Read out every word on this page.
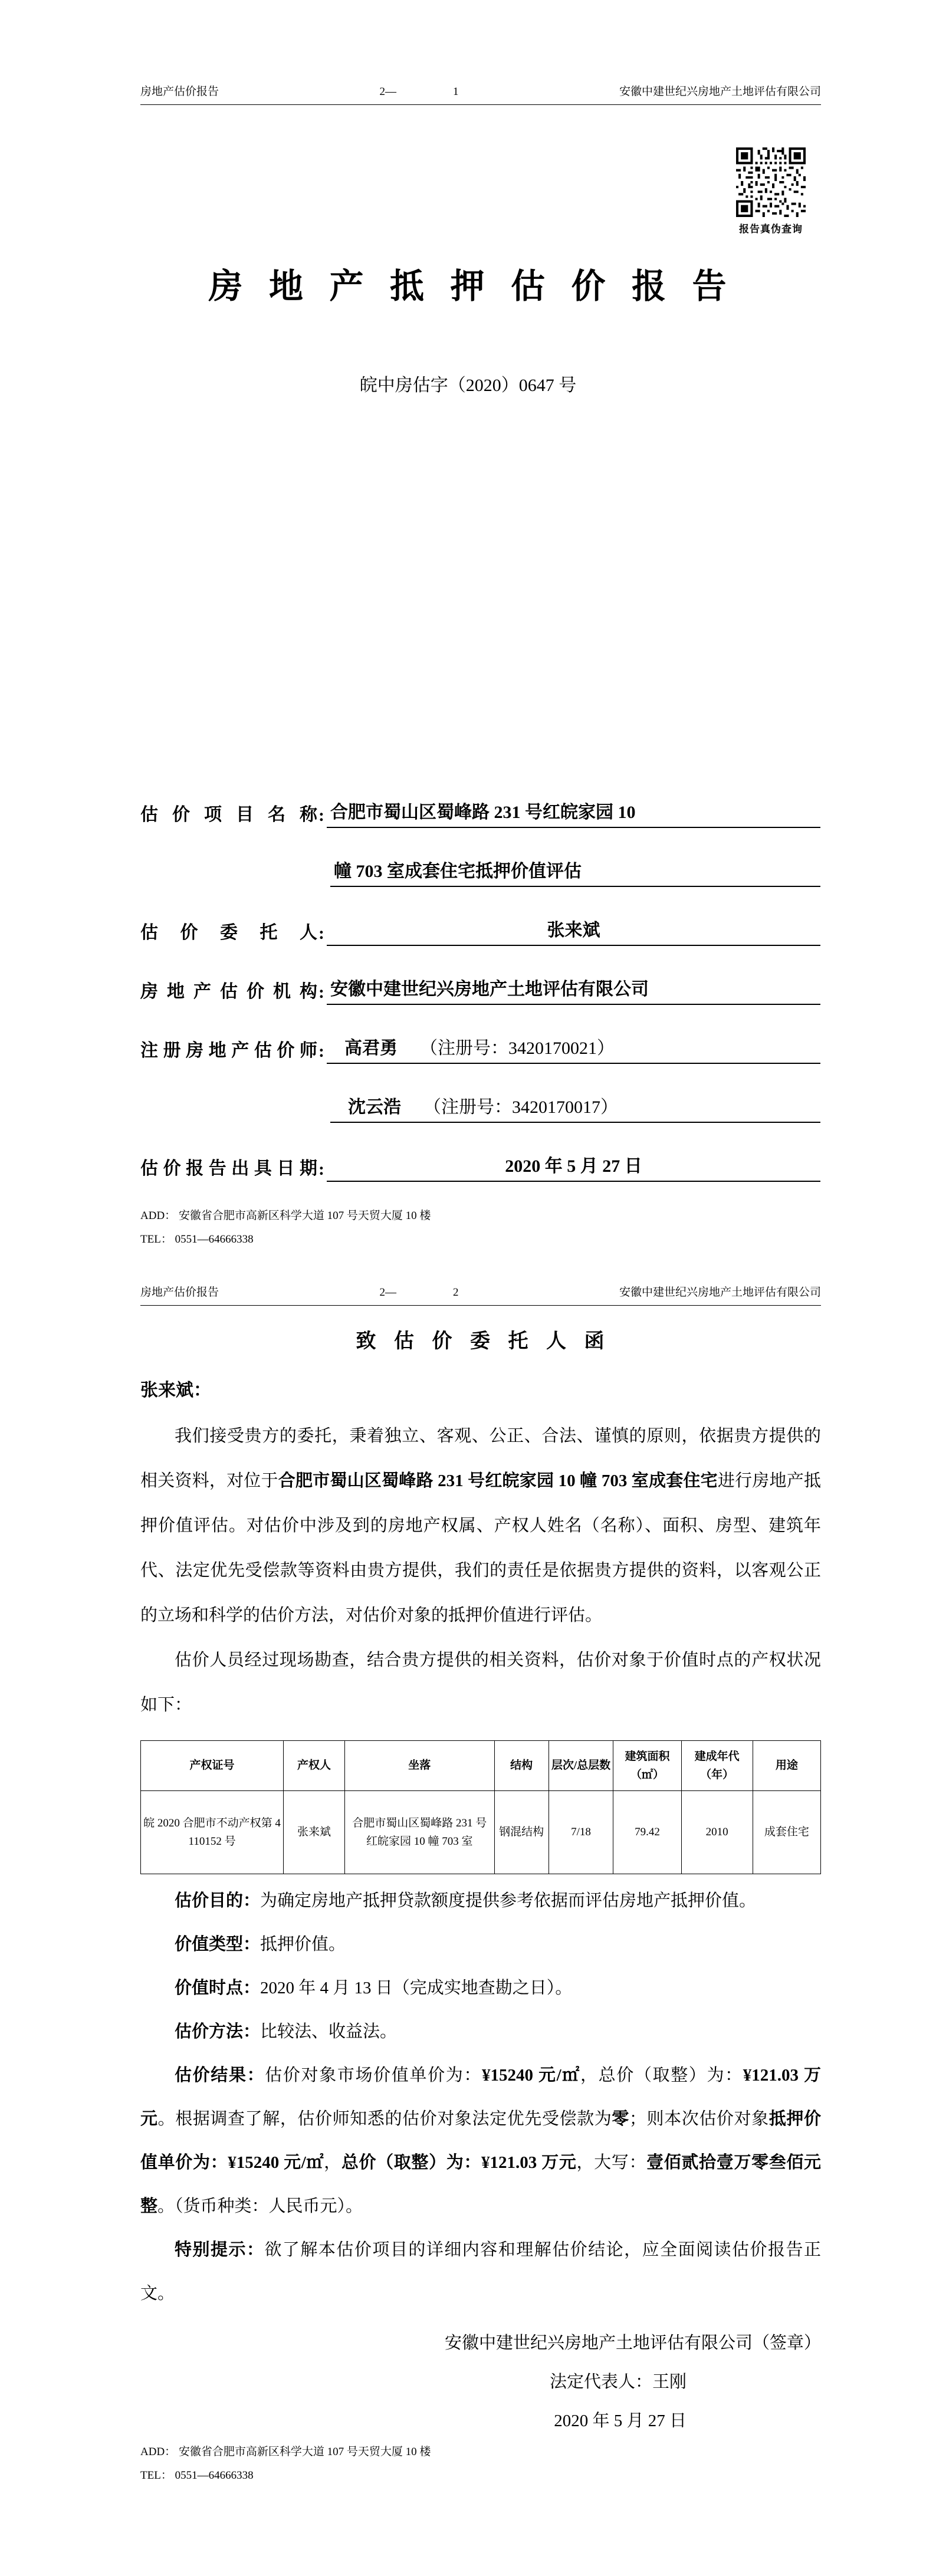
房地产估价报告	2—	1	安徽中建世纪兴房地产土地评估有限公司
报告真伪查询
房 地 产 抵 押 估 价 报 告
皖中房估字（2020）0647 号
估价项目名称 : 合肥市蜀山区蜀峰路 231 号红皖家园 10
幢 703 室成套住宅抵押价值评估
估价委托人 :	张来斌
房地产估价机构 : 安徽中建世纪兴房地产土地评估有限公司
注册房地产估价师 :	高君勇 （注册号：3420170021）
沈云浩 （注册号：3420170017）
估价报告出具日期 :	2020 年 5 月 27 日
ADD： 安徽省合肥市高新区科学大道 107 号天贸大厦 10 楼
TEL： 0551—64666338
房地产估价报告	2—	2	安徽中建世纪兴房地产土地评估有限公司
致 估 价 委 托 人 函
张来斌：

我们接受贵方的委托，秉着独立、客观、公正、合法、谨慎的原则，依据贵方提供的相关资料，对位于合肥市蜀山区蜀峰路 231 号红皖家园 10 幢 703 室成套住宅进行房地产抵押价值评估。对估价中涉及到的房地产权属、产权人姓名（名称）、面积、房型、建筑年代、法定优先受偿款等资料由贵方提供，我们的责任是依据贵方提供的资料，以客观公正的立场和科学的估价方法，对估价对象的抵押价值进行评估。

估价人员经过现场勘查，结合贵方提供的相关资料，估价对象于价值时点的产权状况如下：

产权证号	产权人	坐落	结构	层次/总层数	建筑面积（㎡）	建成年代（年）	用途
皖 2020 合肥市不动产权第 4110152 号	张来斌	合肥市蜀山区蜀峰路 231 号红皖家园 10 幢 703 室	钢混结构	7/18	79.42	2010	成套住宅

估价目的：为确定房地产抵押贷款额度提供参考依据而评估房地产抵押价值。

价值类型：抵押价值。

价值时点：2020 年 4 月 13 日（完成实地查勘之日）。

估价方法：比较法、收益法。

估价结果：估价对象市场价值单价为：¥15240 元/㎡，总价（取整）为：¥121.03 万元。根据调查了解，估价师知悉的估价对象法定优先受偿款为零；则本次估价对象抵押价值单价为：¥15240 元/㎡，总价（取整）为：¥121.03 万元，大写：壹佰贰拾壹万零叁佰元整。（货币种类：人民币元）。

特别提示：欲了解本估价项目的详细内容和理解估价结论，应全面阅读估价报告正文。

安徽中建世纪兴房地产土地评估有限公司（签章）
法定代表人：王刚
2020 年 5 月 27 日
ADD： 安徽省合肥市高新区科学大道 107 号天贸大厦 10 楼
TEL： 0551—64666338
